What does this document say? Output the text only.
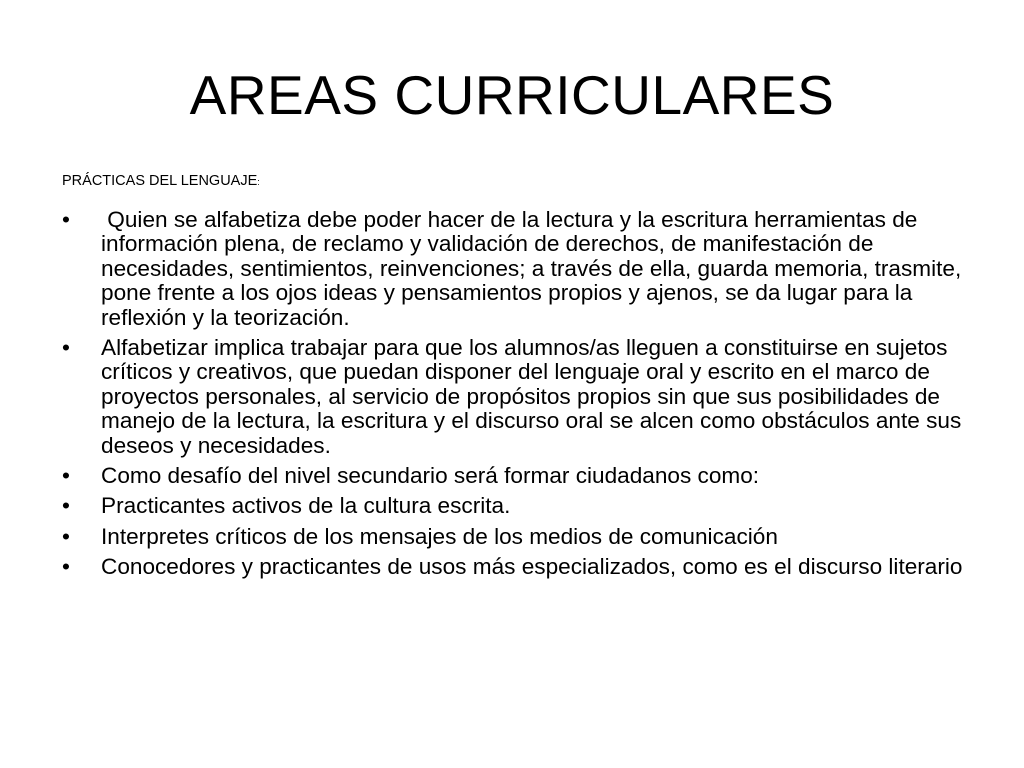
AREAS CURRICULARES

PRÁCTICAS DEL LENGUAJE:

•	Quien se alfabetiza debe poder hacer de la lectura y la escritura herramientas de información plena, de reclamo y validación de derechos, de manifestación de necesidades, sentimientos, reinvenciones; a través de ella, guarda memoria, trasmite, pone frente a los ojos ideas y pensamientos propios y ajenos, se da lugar para la reflexión y la teorización.
•	Alfabetizar implica trabajar para que los alumnos/as lleguen a constituirse en sujetos críticos y creativos, que puedan disponer del lenguaje oral y escrito en el marco de proyectos personales, al servicio de propósitos propios sin que sus posibilidades de manejo de la lectura, la escritura y el discurso oral se alcen como obstáculos ante sus deseos y necesidades.
•	Como desafío del nivel secundario será formar ciudadanos como:
•	Practicantes activos de la cultura escrita.
•	Interpretes críticos de los mensajes de los medios de comunicación
•	Conocedores y practicantes de usos más especializados, como es el discurso literario
